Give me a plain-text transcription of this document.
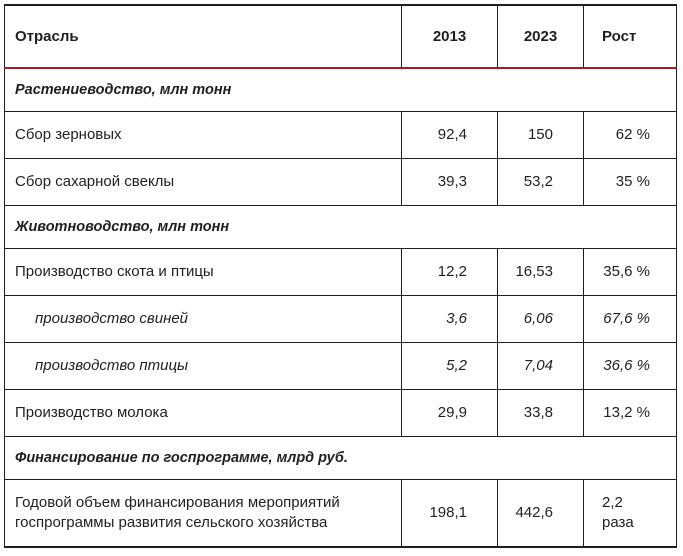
Отрасль	2013	2023	Рост
Растениеводство, млн тонн			
Сбор зерновых	92,4	150	62 %
Сбор сахарной свеклы	39,3	53,2	35 %
Животноводство, млн тонн			
Производство скота и птицы	12,2	16,53	35,6 %
производство свиней	3,6	6,06	67,6 %
производство птицы	5,2	7,04	36,6 %
Производство молока	29,9	33,8	13,2 %
Финансирование по госпрограмме, млрд руб.			
Годовой объем финансирования мероприятий
госпрограммы развития сельского хозяйства	198,1	442,6	2,2 раза
